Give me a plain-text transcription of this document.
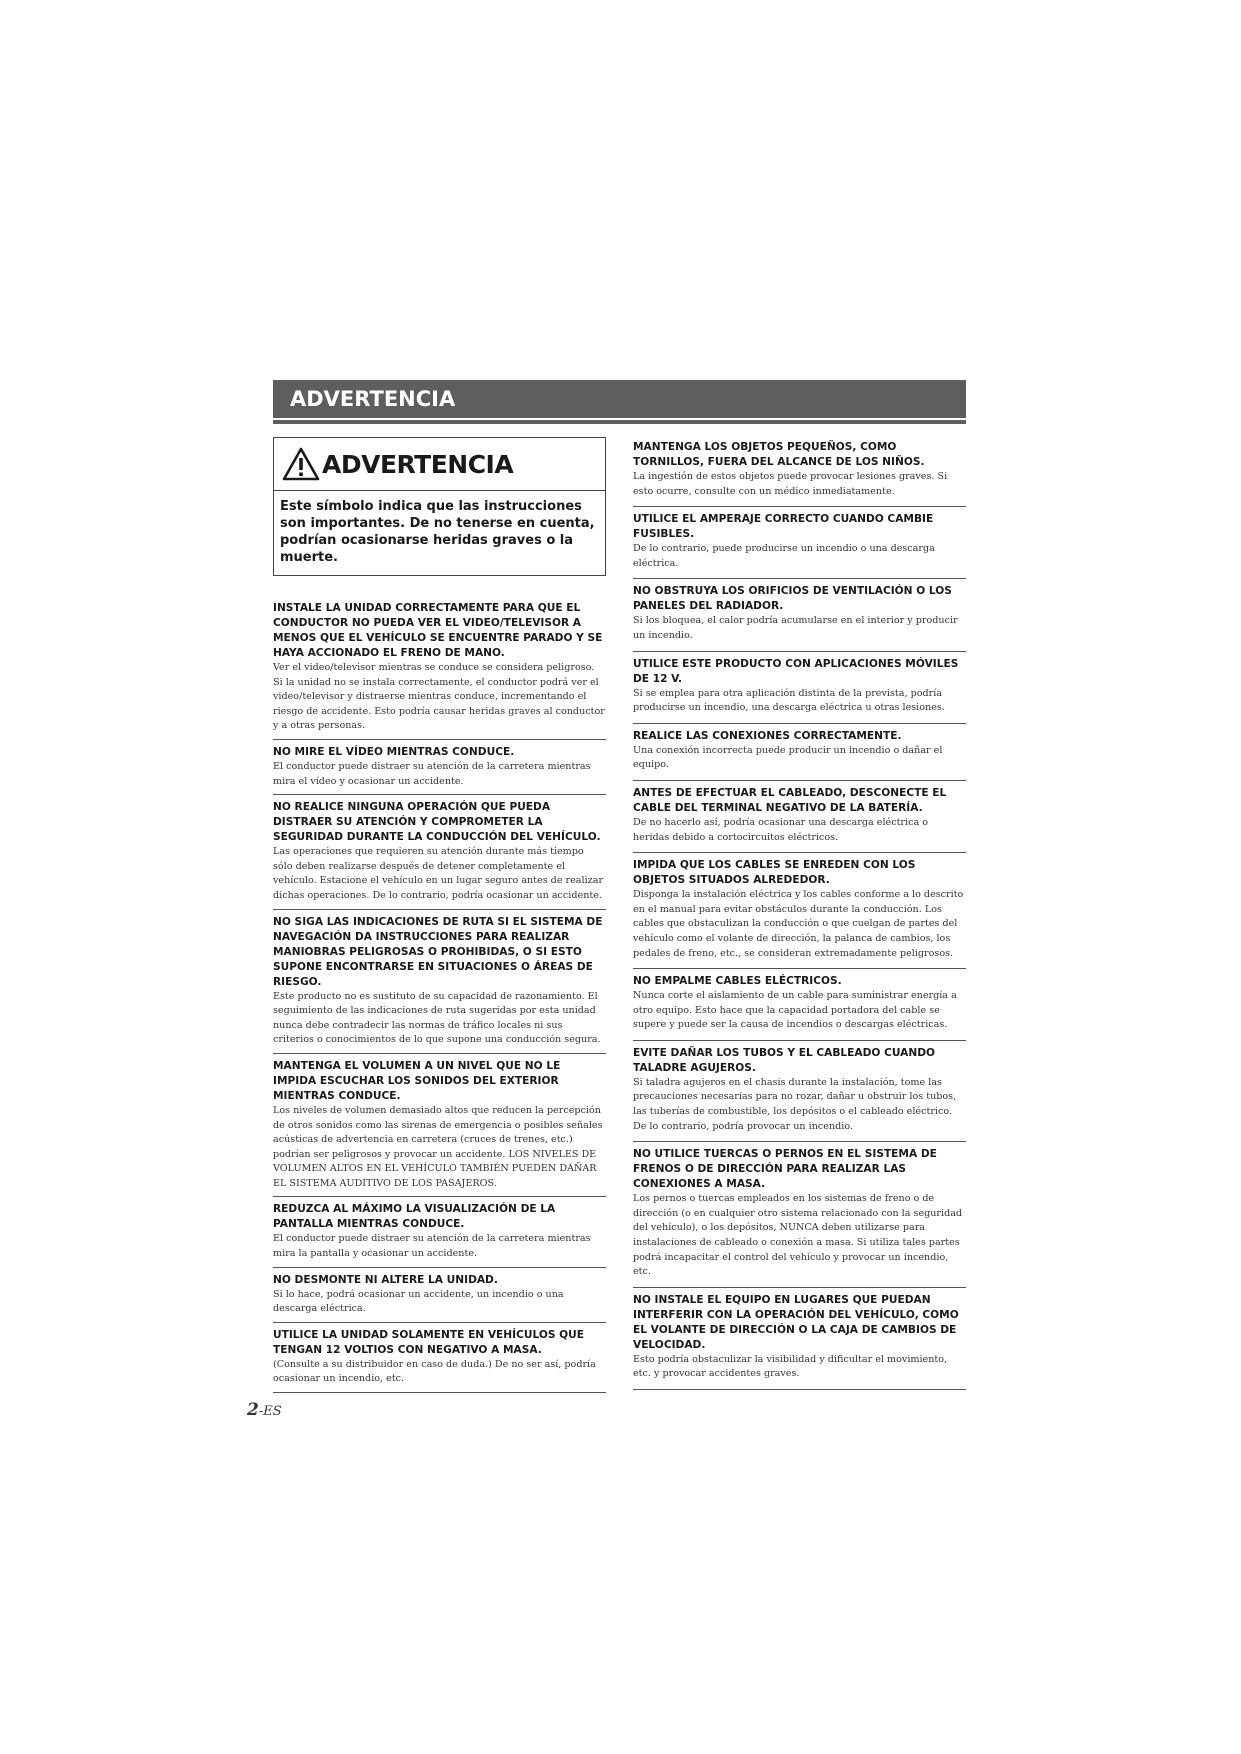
ADVERTENCIA
ADVERTENCIA
Este símbolo indica que las instrucciones son importantes. De no tenerse en cuenta, podrían ocasionarse heridas graves o la muerte.
INSTALE LA UNIDAD CORRECTAMENTE PARA QUE EL CONDUCTOR NO PUEDA VER EL VIDEO/TELEVISOR A MENOS QUE EL VEHÍCULO SE ENCUENTRE PARADO Y SE HAYA ACCIONADO EL FRENO DE MANO.
Ver el video/televisor mientras se conduce se considera peligroso. Si la unidad no se instala correctamente, el conductor podrá ver el video/televisor y distraerse mientras conduce, incrementando el riesgo de accidente. Esto podría causar heridas graves al conductor y a otras personas.
NO MIRE EL VÍDEO MIENTRAS CONDUCE.
El conductor puede distraer su atención de la carretera mientras mira el vídeo y ocasionar un accidente.
NO REALICE NINGUNA OPERACIÓN QUE PUEDA DISTRAER SU ATENCIÓN Y COMPROMETER LA SEGURIDAD DURANTE LA CONDUCCIÓN DEL VEHÍCULO.
Las operaciones que requieren su atención durante más tiempo sólo deben realizarse después de detener completamente el vehículo. Estacione el vehículo en un lugar seguro antes de realizar dichas operaciones. De lo contrario, podría ocasionar un accidente.
NO SIGA LAS INDICACIONES DE RUTA SI EL SISTEMA DE NAVEGACIÓN DA INSTRUCCIONES PARA REALIZAR MANIOBRAS PELIGROSAS O PROHIBIDAS, O SI ESTO SUPONE ENCONTRARSE EN SITUACIONES O ÁREAS DE RIESGO.
Este producto no es sustituto de su capacidad de razonamiento. El seguimiento de las indicaciones de ruta sugeridas por esta unidad nunca debe contradecir las normas de tráfico locales ni sus criterios o conocimientos de lo que supone una conducción segura.
MANTENGA EL VOLUMEN A UN NIVEL QUE NO LE IMPIDA ESCUCHAR LOS SONIDOS DEL EXTERIOR MIENTRAS CONDUCE.
Los niveles de volumen demasiado altos que reducen la percepción de otros sonidos como las sirenas de emergencia o posibles señales acústicas de advertencia en carretera (cruces de trenes, etc.) podrían ser peligrosos y provocar un accidente. LOS NIVELES DE VOLUMEN ALTOS EN EL VEHÍCULO TAMBIÉN PUEDEN DAÑAR EL SISTEMA AUDITIVO DE LOS PASAJEROS.
REDUZCA AL MÁXIMO LA VISUALIZACIÓN DE LA PANTALLA MIENTRAS CONDUCE.
El conductor puede distraer su atención de la carretera mientras mira la pantalla y ocasionar un accidente.
NO DESMONTE NI ALTERE LA UNIDAD.
Si lo hace, podrá ocasionar un accidente, un incendio o una descarga eléctrica.
UTILICE LA UNIDAD SOLAMENTE EN VEHÍCULOS QUE TENGAN 12 VOLTIOS CON NEGATIVO A MASA.
(Consulte a su distribuidor en caso de duda.) De no ser así, podría ocasionar un incendio, etc.
MANTENGA LOS OBJETOS PEQUEÑOS, COMO TORNILLOS, FUERA DEL ALCANCE DE LOS NIÑOS.
La ingestión de estos objetos puede provocar lesiones graves. Si esto ocurre, consulte con un médico inmediatamente.
UTILICE EL AMPERAJE CORRECTO CUANDO CAMBIE FUSIBLES.
De lo contrario, puede producirse un incendio o una descarga eléctrica.
NO OBSTRUYA LOS ORIFICIOS DE VENTILACIÓN O LOS PANELES DEL RADIADOR.
Si los bloquea, el calor podría acumularse en el interior y producir un incendio.
UTILICE ESTE PRODUCTO CON APLICACIONES MÓVILES DE 12 V.
Si se emplea para otra aplicación distinta de la prevista, podría producirse un incendio, una descarga eléctrica u otras lesiones.
REALICE LAS CONEXIONES CORRECTAMENTE.
Una conexión incorrecta puede producir un incendio o dañar el equipo.
ANTES DE EFECTUAR EL CABLEADO, DESCONECTE EL CABLE DEL TERMINAL NEGATIVO DE LA BATERÍA.
De no hacerlo así, podría ocasionar una descarga eléctrica o heridas debido a cortocircuitos eléctricos.
IMPIDA QUE LOS CABLES SE ENREDEN CON LOS OBJETOS SITUADOS ALREDEDOR.
Disponga la instalación eléctrica y los cables conforme a lo descrito en el manual para evitar obstáculos durante la conducción. Los cables que obstaculizan la conducción o que cuelgan de partes del vehículo como el volante de dirección, la palanca de cambios, los pedales de freno, etc., se consideran extremadamente peligrosos.
NO EMPALME CABLES ELÉCTRICOS.
Nunca corte el aislamiento de un cable para suministrar energía a otro equipo. Esto hace que la capacidad portadora del cable se supere y puede ser la causa de incendios o descargas eléctricas.
EVITE DAÑAR LOS TUBOS Y EL CABLEADO CUANDO TALADRE AGUJEROS.
Si taladra agujeros en el chasis durante la instalación, tome las precauciones necesarias para no rozar, dañar u obstruir los tubos, las tuberías de combustible, los depósitos o el cableado eléctrico. De lo contrario, podría provocar un incendio.
NO UTILICE TUERCAS O PERNOS EN EL SISTEMA DE FRENOS O DE DIRECCIÓN PARA REALIZAR LAS CONEXIONES A MASA.
Los pernos o tuercas empleados en los sistemas de freno o de dirección (o en cualquier otro sistema relacionado con la seguridad del vehículo), o los depósitos, NUNCA deben utilizarse para instalaciones de cableado o conexión a masa. Si utiliza tales partes podrá incapacitar el control del vehículo y provocar un incendio, etc.
NO INSTALE EL EQUIPO EN LUGARES QUE PUEDAN INTERFERIR CON LA OPERACIÓN DEL VEHÍCULO, COMO EL VOLANTE DE DIRECCIÓN O LA CAJA DE CAMBIOS DE VELOCIDAD.
Esto podría obstaculizar la visibilidad y dificultar el movimiento, etc. y provocar accidentes graves.
2-ES
